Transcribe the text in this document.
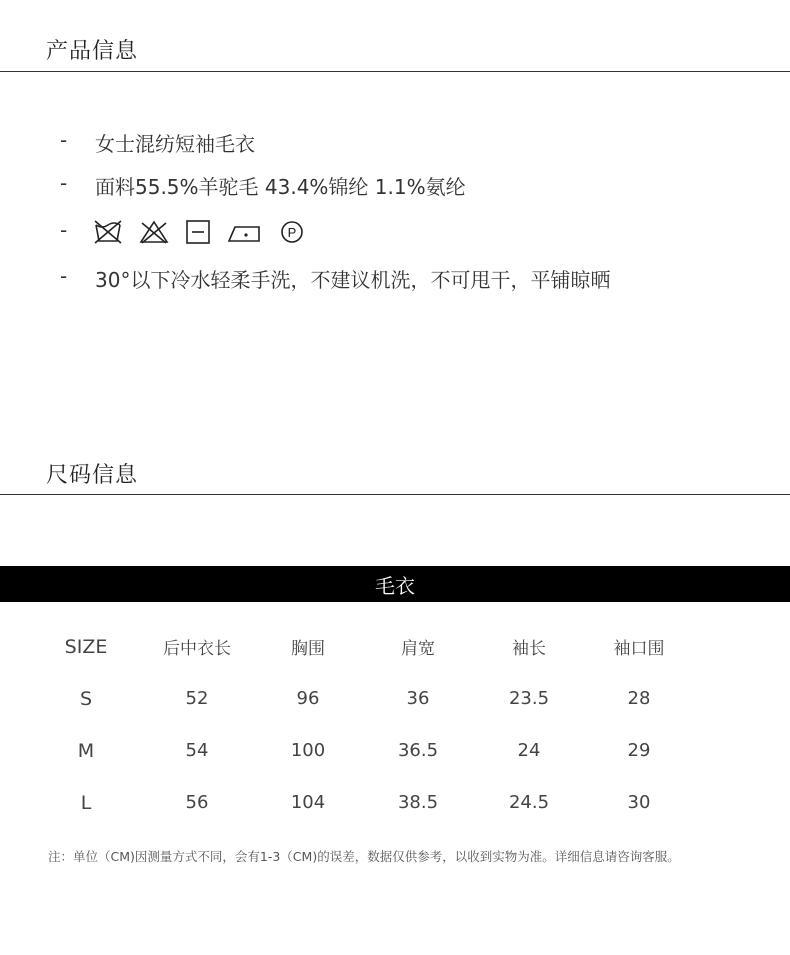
产品信息
- 女士混纺短袖毛衣
- 面料55.5%羊驼毛 43.4%锦纶 1.1%氨纶
-	P
- 30°以下冷水轻柔手洗，不建议机洗，不可甩干，平铺晾晒
尺码信息
毛衣
SIZE	后中衣长	胸围	肩宽	袖长	袖口围
S	52	96	36	23.5	28
M	54	100	36.5	24	29
L	56	104	38.5	24.5	30
注：单位（CM)因测量方式不同，会有1-3（CM)的误差，数据仅供参考，以收到实物为准。详细信息请咨询客服。
